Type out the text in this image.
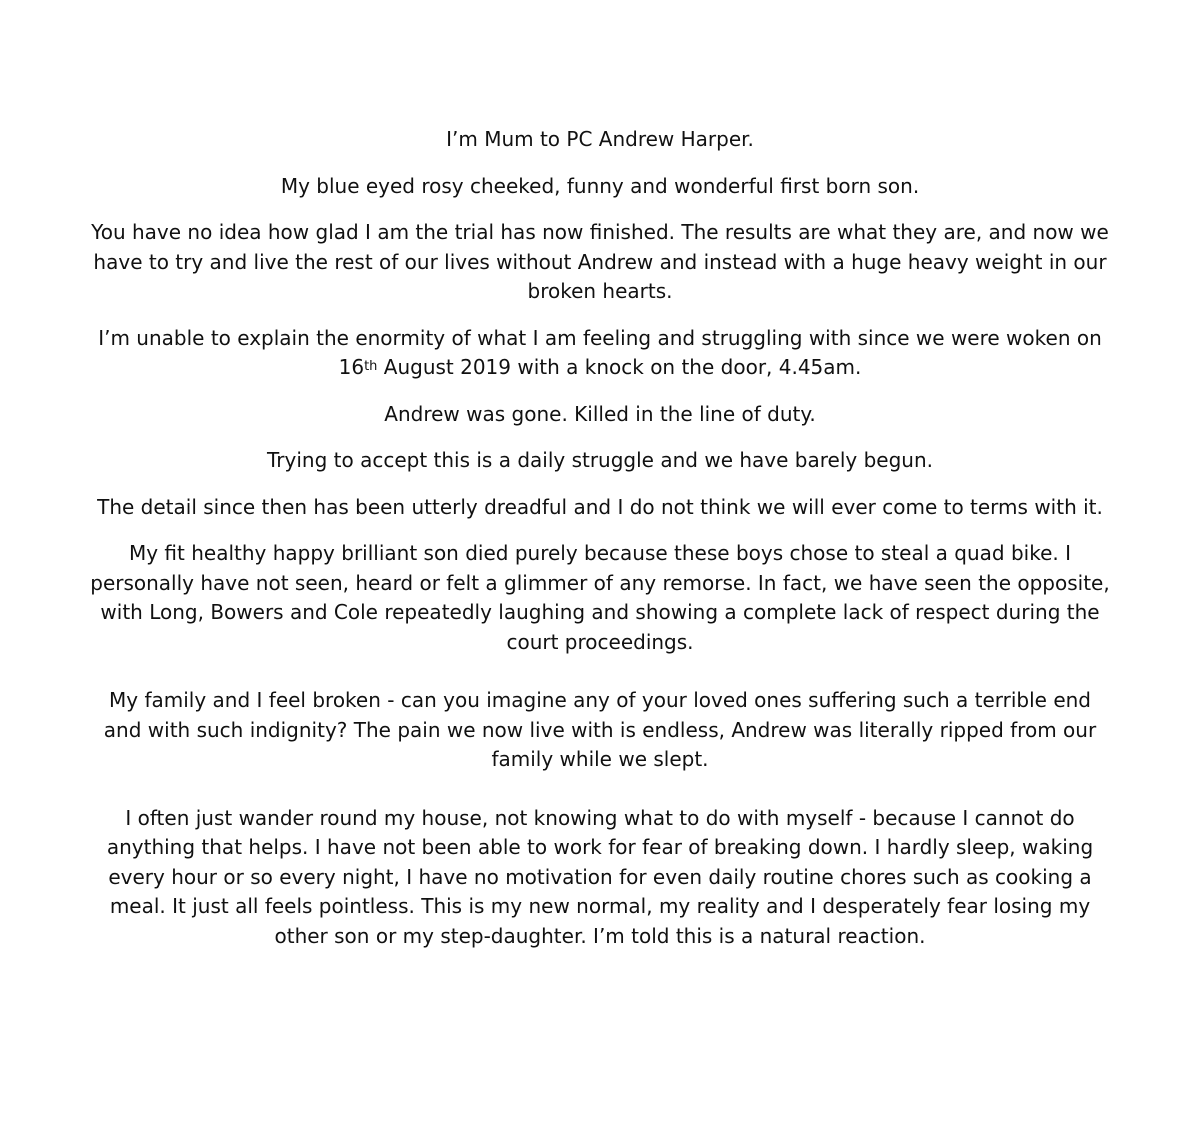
I’m Mum to PC Andrew Harper.

My blue eyed rosy cheeked, funny and wonderful first born son.

You have no idea how glad I am the trial has now finished. The results are what they are, and now we have to try and live the rest of our lives without Andrew and instead with a huge heavy weight in our broken hearts.

I’m unable to explain the enormity of what I am feeling and struggling with since we were woken on 16th August 2019 with a knock on the door, 4.45am.

Andrew was gone. Killed in the line of duty.

Trying to accept this is a daily struggle and we have barely begun.

The detail since then has been utterly dreadful and I do not think we will ever come to terms with it.

My fit healthy happy brilliant son died purely because these boys chose to steal a quad bike. I personally have not seen, heard or felt a glimmer of any remorse. In fact, we have seen the opposite, with Long, Bowers and Cole repeatedly laughing and showing a complete lack of respect during the court proceedings.

My family and I feel broken - can you imagine any of your loved ones suffering such a terrible end and with such indignity? The pain we now live with is endless, Andrew was literally ripped from our family while we slept.

I often just wander round my house, not knowing what to do with myself - because I cannot do anything that helps. I have not been able to work for fear of breaking down. I hardly sleep, waking every hour or so every night, I have no motivation for even daily routine chores such as cooking a meal. It just all feels pointless. This is my new normal, my reality and I desperately fear losing my other son or my step-daughter. I’m told this is a natural reaction.
